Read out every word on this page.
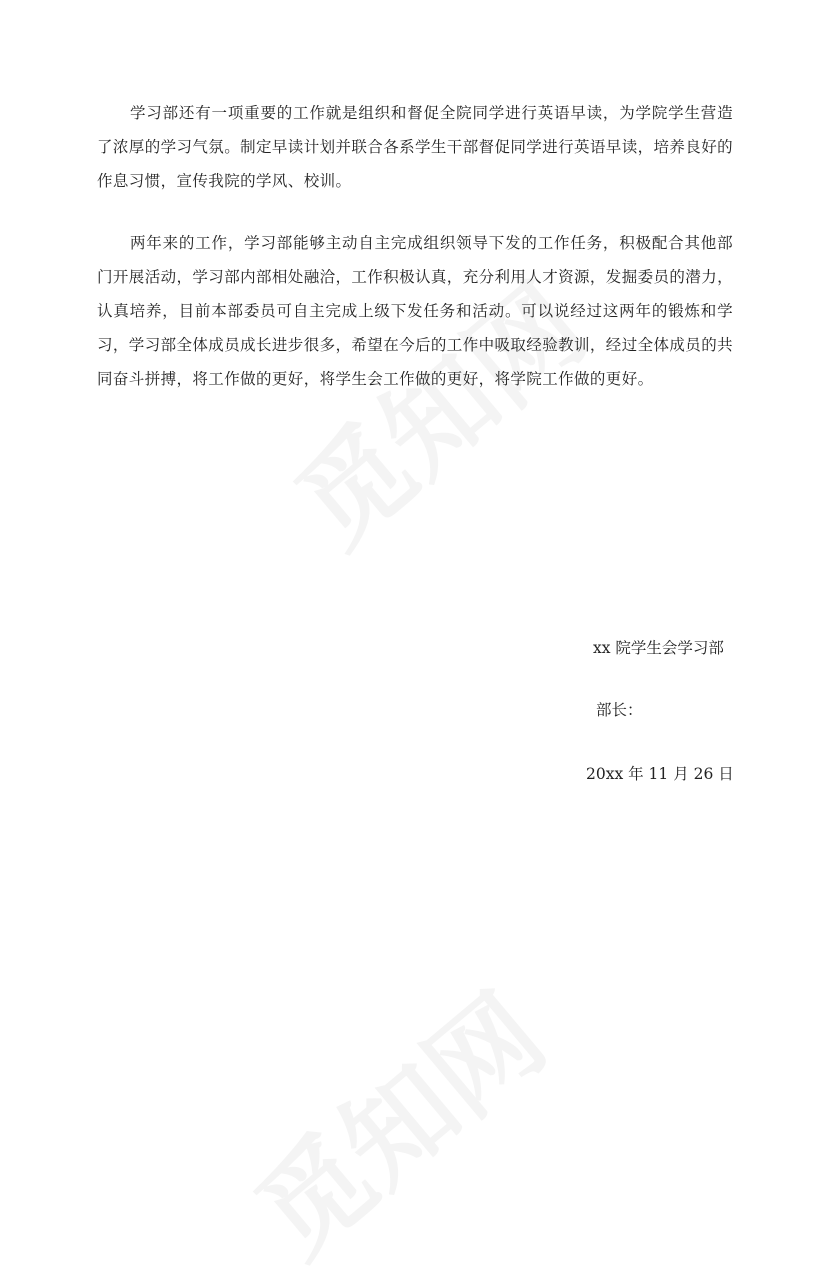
学习部还有一项重要的工作就是组织和督促全院同学进行英语早读，为学院学生营造了浓厚的学习气氛。制定早读计划并联合各系学生干部督促同学进行英语早读，培养良好的作息习惯，宣传我院的学风、校训。

两年来的工作，学习部能够主动自主完成组织领导下发的工作任务，积极配合其他部门开展活动，学习部内部相处融洽，工作积极认真，充分利用人才资源，发掘委员的潜力，认真培养，目前本部委员可自主完成上级下发任务和活动。可以说经过这两年的锻炼和学习，学习部全体成员成长进步很多，希望在今后的工作中吸取经验教训，经过全体成员的共同奋斗拼搏，将工作做的更好，将学生会工作做的更好，将学院工作做的更好。

xx 院学生会学习部

部长：

20xx 年 11 月 26 日
